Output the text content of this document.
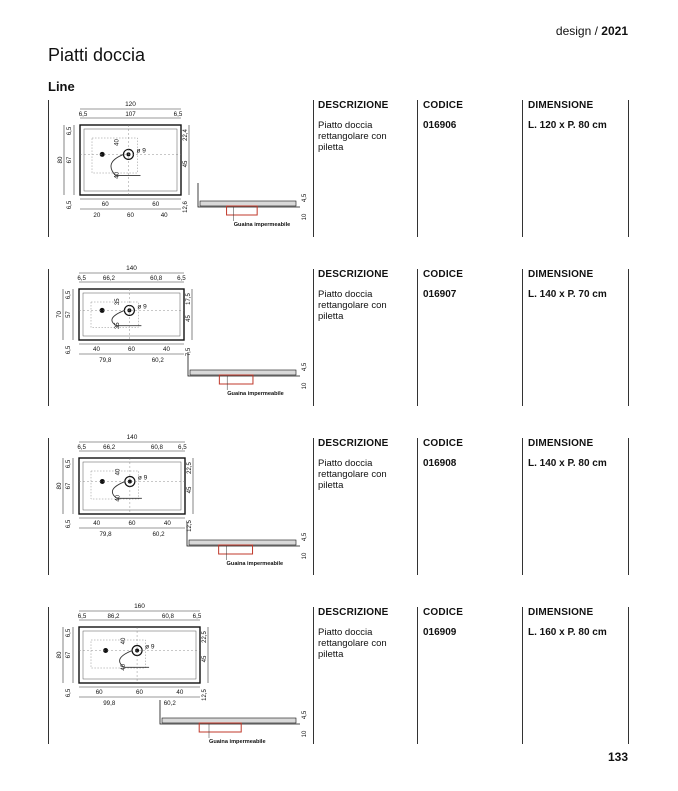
design / 2021
Piatti doccia
Line
ø 9
120
6,5	107	6,5
80
6,5
67
6,5
22,4
45
12,6
40
40
60	60
20	60	40
Guaina impermeabile
4,5
10
ø 9
140
6,5	66,2	60,8 6,5
70
6,5
57
6,5
17,5
45
7,5
35
35
40	60	40
79,8	60,2
Guaina impermeabile
4,5
10
ø 9
140
6,5	66,2	60,8 6,5
80
6,5
67
6,5
22,5
45
12,5
40
40
40	60	40
79,8	60,2
Guaina impermeabile
4,5
10
ø 9
160
6,5	86,2	60,8	6,5
80
6,5
67
6,5
22,5
45
12,5
40
40
60	60	40
99,8	60,2
Guaina impermeabile
4,5
10
DESCRIZIONE
Piatto doccia rettangolare con piletta
CODICE
016906
DIMENSIONE
L. 120 x P. 80 cm
DESCRIZIONE
Piatto doccia rettangolare con piletta
CODICE
016907
DIMENSIONE
L. 140 x P. 70 cm
DESCRIZIONE
Piatto doccia rettangolare con piletta
CODICE
016908
DIMENSIONE
L. 140 x P. 80 cm
DESCRIZIONE
Piatto doccia rettangolare con piletta
CODICE
016909
DIMENSIONE
L. 160 x P. 80 cm
133
